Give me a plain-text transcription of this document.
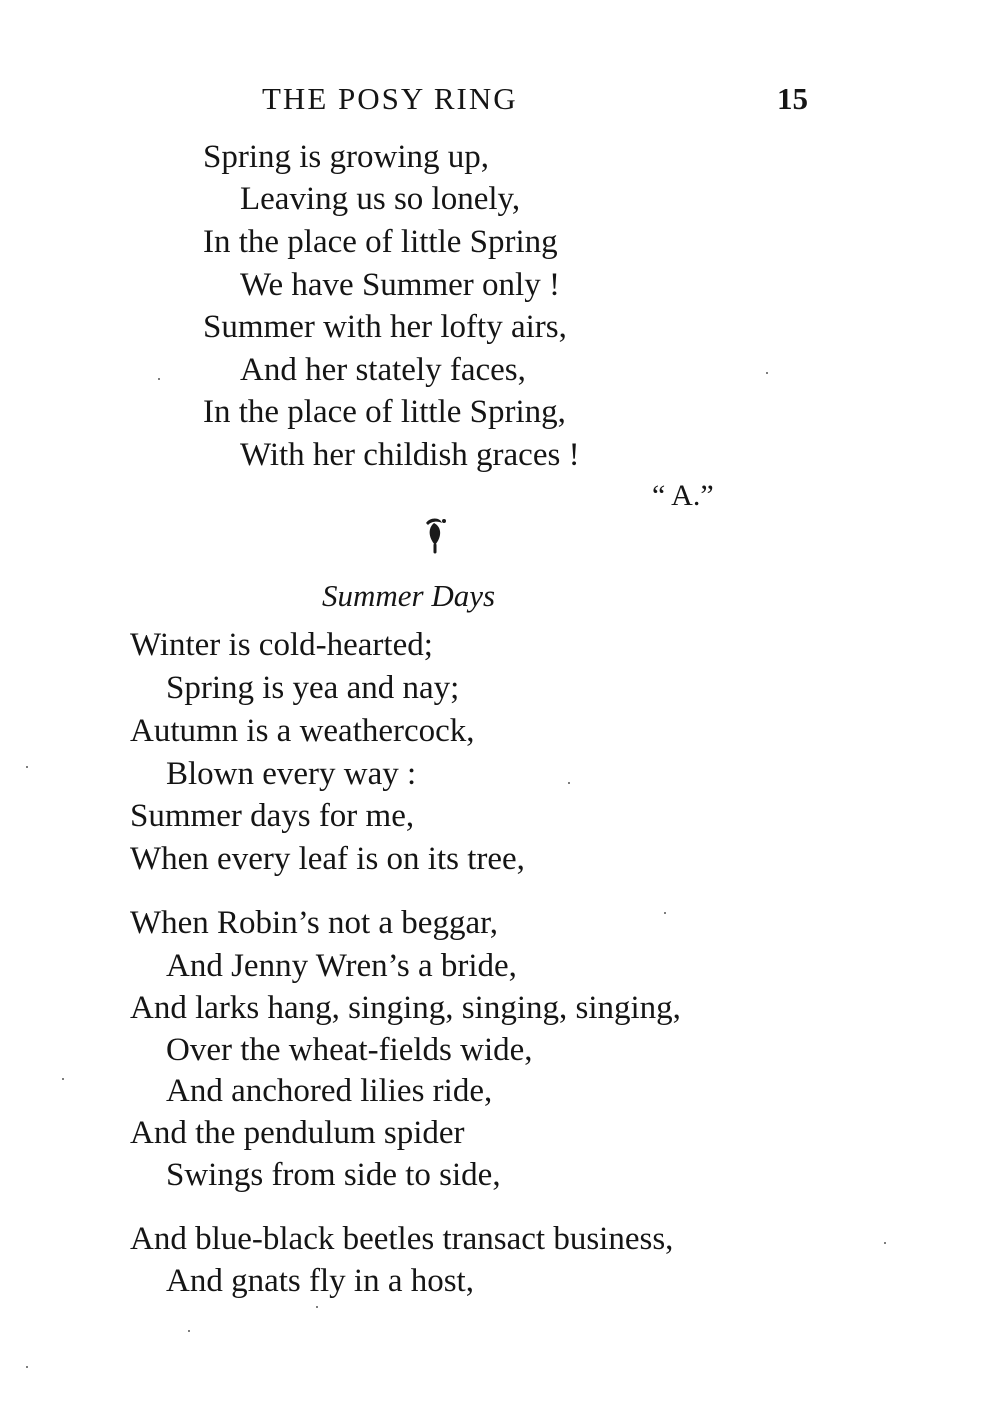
THE POSY RING	15
Spring is growing up,
Leaving us so lonely,
In the place of little Spring
We have Summer only !
Summer with her lofty airs,
And her stately faces,
In the place of little Spring,
With her childish graces !
“ A.”
Summer Days
Winter is cold-hearted;
Spring is yea and nay;
Autumn is a weathercock,
Blown every way :
Summer days for me,
When every leaf is on its tree,
When Robin’s not a beggar,
And Jenny Wren’s a bride,
And larks hang, singing, singing, singing,
Over the wheat-fields wide,
And anchored lilies ride,
And the pendulum spider
Swings from side to side,
And blue-black beetles transact business,
And gnats fly in a host,
